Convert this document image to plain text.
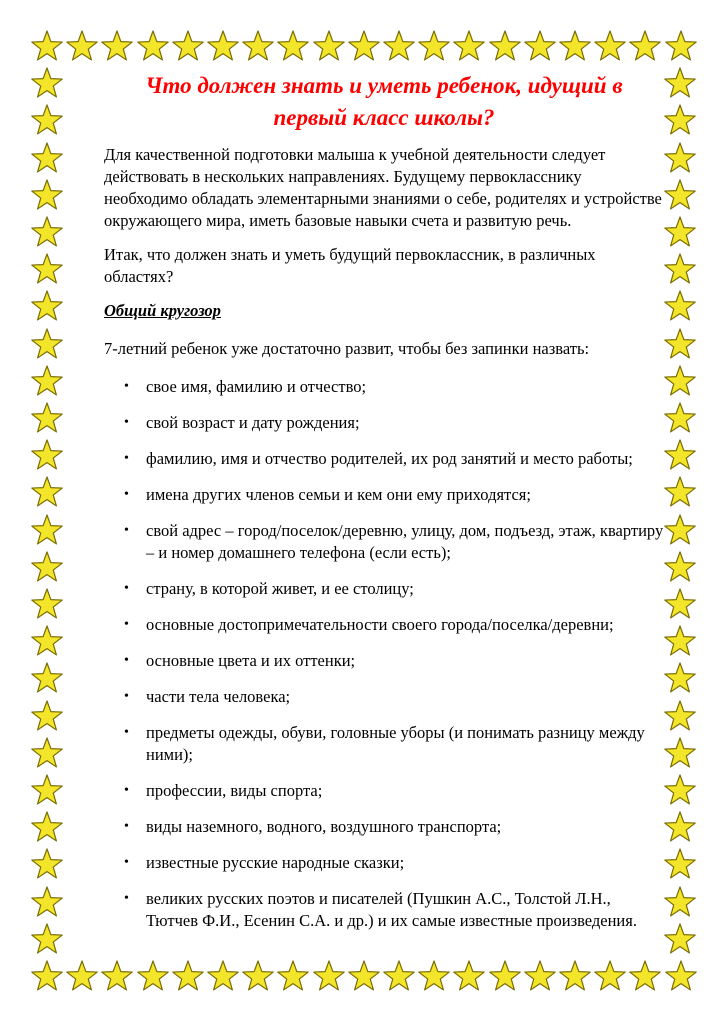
Что должен знать и уметь ребенок, идущий в первый класс школы?

Для качественной подготовки малыша к учебной деятельности следует действовать в нескольких направлениях. Будущему первокласснику необходимо обладать элементарными знаниями о себе, родителях и устройстве окружающего мира, иметь базовые навыки счета и развитую речь.

Итак, что должен знать и уметь будущий первоклассник, в различных областях?

Общий кругозор

7-летний ребенок уже достаточно развит, чтобы без запинки назвать:

• свое имя, фамилию и отчество;
• свой возраст и дату рождения;
• фамилию, имя и отчество родителей, их род занятий и место работы;
• имена других членов семьи и кем они ему приходятся;
• свой адрес – город/поселок/деревню, улицу, дом, подъезд, этаж, квартиру – и номер домашнего телефона (если есть);
• страну, в которой живет, и ее столицу;
• основные достопримечательности своего города/поселка/деревни;
• основные цвета и их оттенки;
• части тела человека;
• предметы одежды, обуви, головные уборы (и понимать разницу между ними);
• профессии, виды спорта;
• виды наземного, водного, воздушного транспорта;
• известные русские народные сказки;
• великих русских поэтов и писателей (Пушкин А.С., Толстой Л.Н., Тютчев Ф.И., Есенин С.А. и др.) и их самые известные произведения.
